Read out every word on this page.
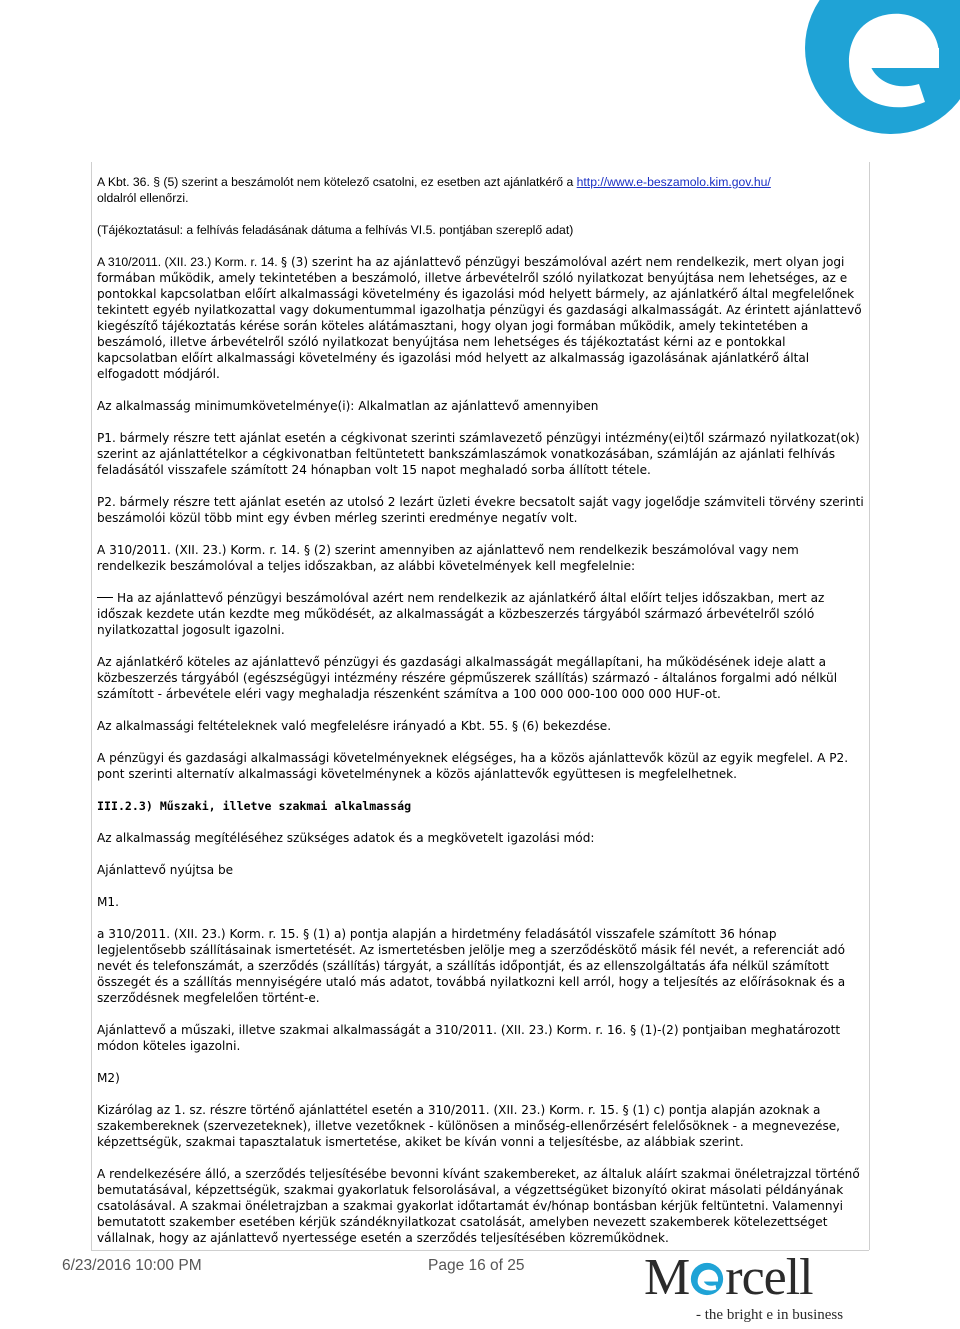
A Kbt. 36. § (5) szerint a beszámolót nem kötelező csatolni, ez esetben azt ajánlatkérő a http://www.e-beszamolo.kim.gov.hu/
oldalról ellenőrzi.

(Tájékoztatásul: a felhívás feladásának dátuma a felhívás VI.5. pontjában szereplő adat)

A 310/2011. (XII. 23.) Korm. r. 14. § (3) szerint ha az ajánlattevő pénzügyi beszámolóval azért nem rendelkezik, mert olyan jogi formában működik, amely tekintetében a beszámoló, illetve árbevételről szóló nyilatkozat benyújtása nem lehetséges, az e pontokkal kapcsolatban előírt alkalmassági követelmény és igazolási mód helyett bármely, az ajánlatkérő által megfelelőnek tekintett egyéb nyilatkozattal vagy dokumentummal igazolhatja pénzügyi és gazdasági alkalmasságát. Az érintett ajánlattevő kiegészítő tájékoztatás kérése során köteles alátámasztani, hogy olyan jogi formában működik, amely tekintetében a beszámoló, illetve árbevételről szóló nyilatkozat benyújtása nem lehetséges és tájékoztatást kérni az e pontokkal kapcsolatban előírt alkalmassági követelmény és igazolási mód helyett az alkalmasság igazolásának ajánlatkérő által elfogadott módjáról.

Az alkalmasság minimumkövetelménye(i): Alkalmatlan az ajánlattevő amennyiben

P1. bármely részre tett ajánlat esetén a cégkivonat szerinti számlavezető pénzügyi intézmény(ei)től származó nyilatkozat(ok) szerint az ajánlattételkor a cégkivonatban feltüntetett bankszámlaszámok vonatkozásában, számláján az ajánlati felhívás feladásától visszafele számított 24 hónapban volt 15 napot meghaladó sorba állított tétele.

P2. bármely részre tett ajánlat esetén az utolsó 2 lezárt üzleti évekre becsatolt saját vagy jogelődje számviteli törvény szerinti beszámolói közül több mint egy évben mérleg szerinti eredménye negatív volt.

A 310/2011. (XII. 23.) Korm. r. 14. § (2) szerint amennyiben az ajánlattevő nem rendelkezik beszámolóval vagy nem rendelkezik beszámolóval a teljes időszakban, az alábbi követelmények kell megfelelnie:

Ha az ajánlattevő pénzügyi beszámolóval azért nem rendelkezik az ajánlatkérő által előírt teljes időszakban, mert az időszak kezdete után kezdte meg működését, az alkalmasságát a közbeszerzés tárgyából származó árbevételről szóló nyilatkozattal jogosult igazolni.

Az ajánlatkérő köteles az ajánlattevő pénzügyi és gazdasági alkalmasságát megállapítani, ha működésének ideje alatt a közbeszerzés tárgyából (egészségügyi intézmény részére gépműszerek szállítás) származó - általános forgalmi adó nélkül számított - árbevétele eléri vagy meghaladja részenként számítva a 100 000 000-100 000 000 HUF-ot.

Az alkalmassági feltételeknek való megfelelésre irányadó a Kbt. 55. § (6) bekezdése.

A pénzügyi és gazdasági alkalmassági követelményeknek elégséges, ha a közös ajánlattevők közül az egyik megfelel. A P2. pont szerinti alternatív alkalmassági követelménynek a közös ajánlattevők együttesen is megfelelhetnek.

III.2.3) Műszaki, illetve szakmai alkalmasság

Az alkalmasság megítéléséhez szükséges adatok és a megkövetelt igazolási mód:

Ajánlattevő nyújtsa be

M1.

a 310/2011. (XII. 23.) Korm. r. 15. § (1) a) pontja alapján a hirdetmény feladásától visszafele számított 36 hónap legjelentősebb szállításainak ismertetését. Az ismertetésben jelölje meg a szerződéskötő másik fél nevét, a referenciát adó nevét és telefonszámát, a szerződés (szállítás) tárgyát, a szállítás időpontját, és az ellenszolgáltatás áfa nélkül számított összegét és a szállítás mennyiségére utaló más adatot, továbbá nyilatkozni kell arról, hogy a teljesítés az előírásoknak és a szerződésnek megfelelően történt-e.

Ajánlattevő a műszaki, illetve szakmai alkalmasságát a 310/2011. (XII. 23.) Korm. r. 16. § (1)-(2) pontjaiban meghatározott módon köteles igazolni.

M2)

Kizárólag az 1. sz. részre történő ajánlattétel esetén a 310/2011. (XII. 23.) Korm. r. 15. § (1) c) pontja alapján azoknak a szakembereknek (szervezeteknek), illetve vezetőknek - különösen a minőség-ellenőrzésért felelősöknek - a megnevezése, képzettségük, szakmai tapasztalatuk ismertetése, akiket be kíván vonni a teljesítésbe, az alábbiak szerint.

A rendelkezésére álló, a szerződés teljesítésébe bevonni kívánt szakembereket, az általuk aláírt szakmai önéletrajzzal történő bemutatásával, képzettségük, szakmai gyakorlatuk felsorolásával, a végzettségüket bizonyító okirat másolati példányának csatolásával. A szakmai önéletrajzban a szakmai gyakorlat időtartamát év/hónap bontásban kérjük feltüntetni. Valamennyi bemutatott szakember esetében kérjük szándéknyilatkozat csatolását, amelyben nevezett szakemberek kötelezettséget vállalnak, hogy az ajánlattevő nyertessége esetén a szerződés teljesítésében közreműködnek.

6/23/2016 10:00 PM	Page 16 of 25 M rcell
- the bright e in business
